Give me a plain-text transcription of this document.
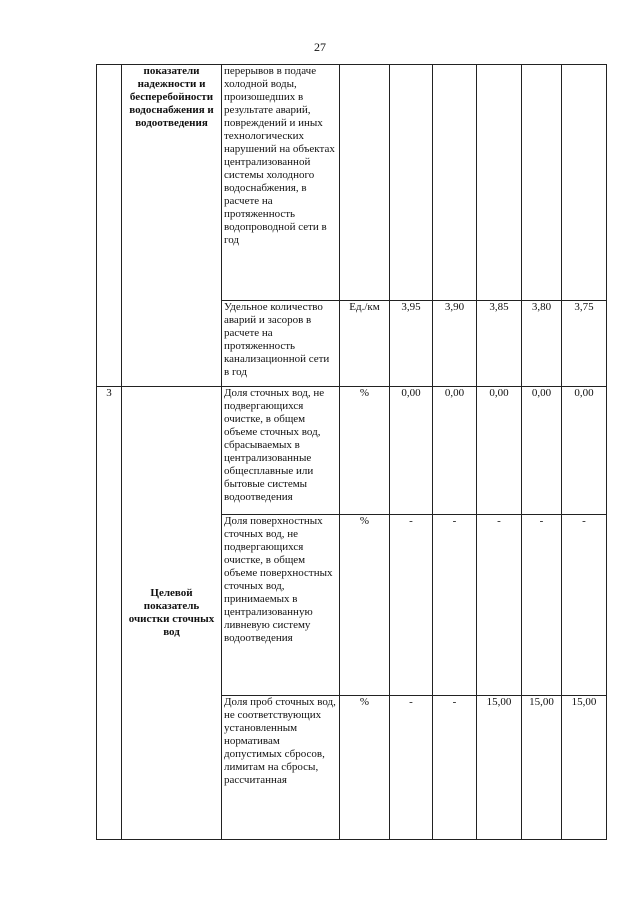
27
	показатели надежности и бесперебойности водоснабжения и водоотведения	перерывов в подаче холодной воды, произошедших в результате аварий, повреждений и иных технологических нарушений на объектах централизованной системы холодного водоснабжения, в расчете на протяженность водопроводной сети в год						
		Удельное количество аварий и засоров в расчете на протяженность канализационной сети в год	Ед./км	3,95	3,90	3,85	3,80	3,75
3	Целевой показатель очистки сточных вод	Доля сточных вод, не подвергающихся очистке, в общем объеме сточных вод, сбрасываемых в централизованные общесплавные или бытовые системы водоотведения	%	0,00	0,00	0,00	0,00	0,00
		Доля поверхностных сточных вод, не подвергающихся очистке, в общем объеме поверхностных сточных вод, принимаемых в централизованную ливневую систему водоотведения	%	-	-	-	-	-
		Доля проб сточных вод, не соответствующих установленным нормативам допустимых сбросов, лимитам на сбросы, рассчитанная	%	-	-	15,00	15,00	15,00
